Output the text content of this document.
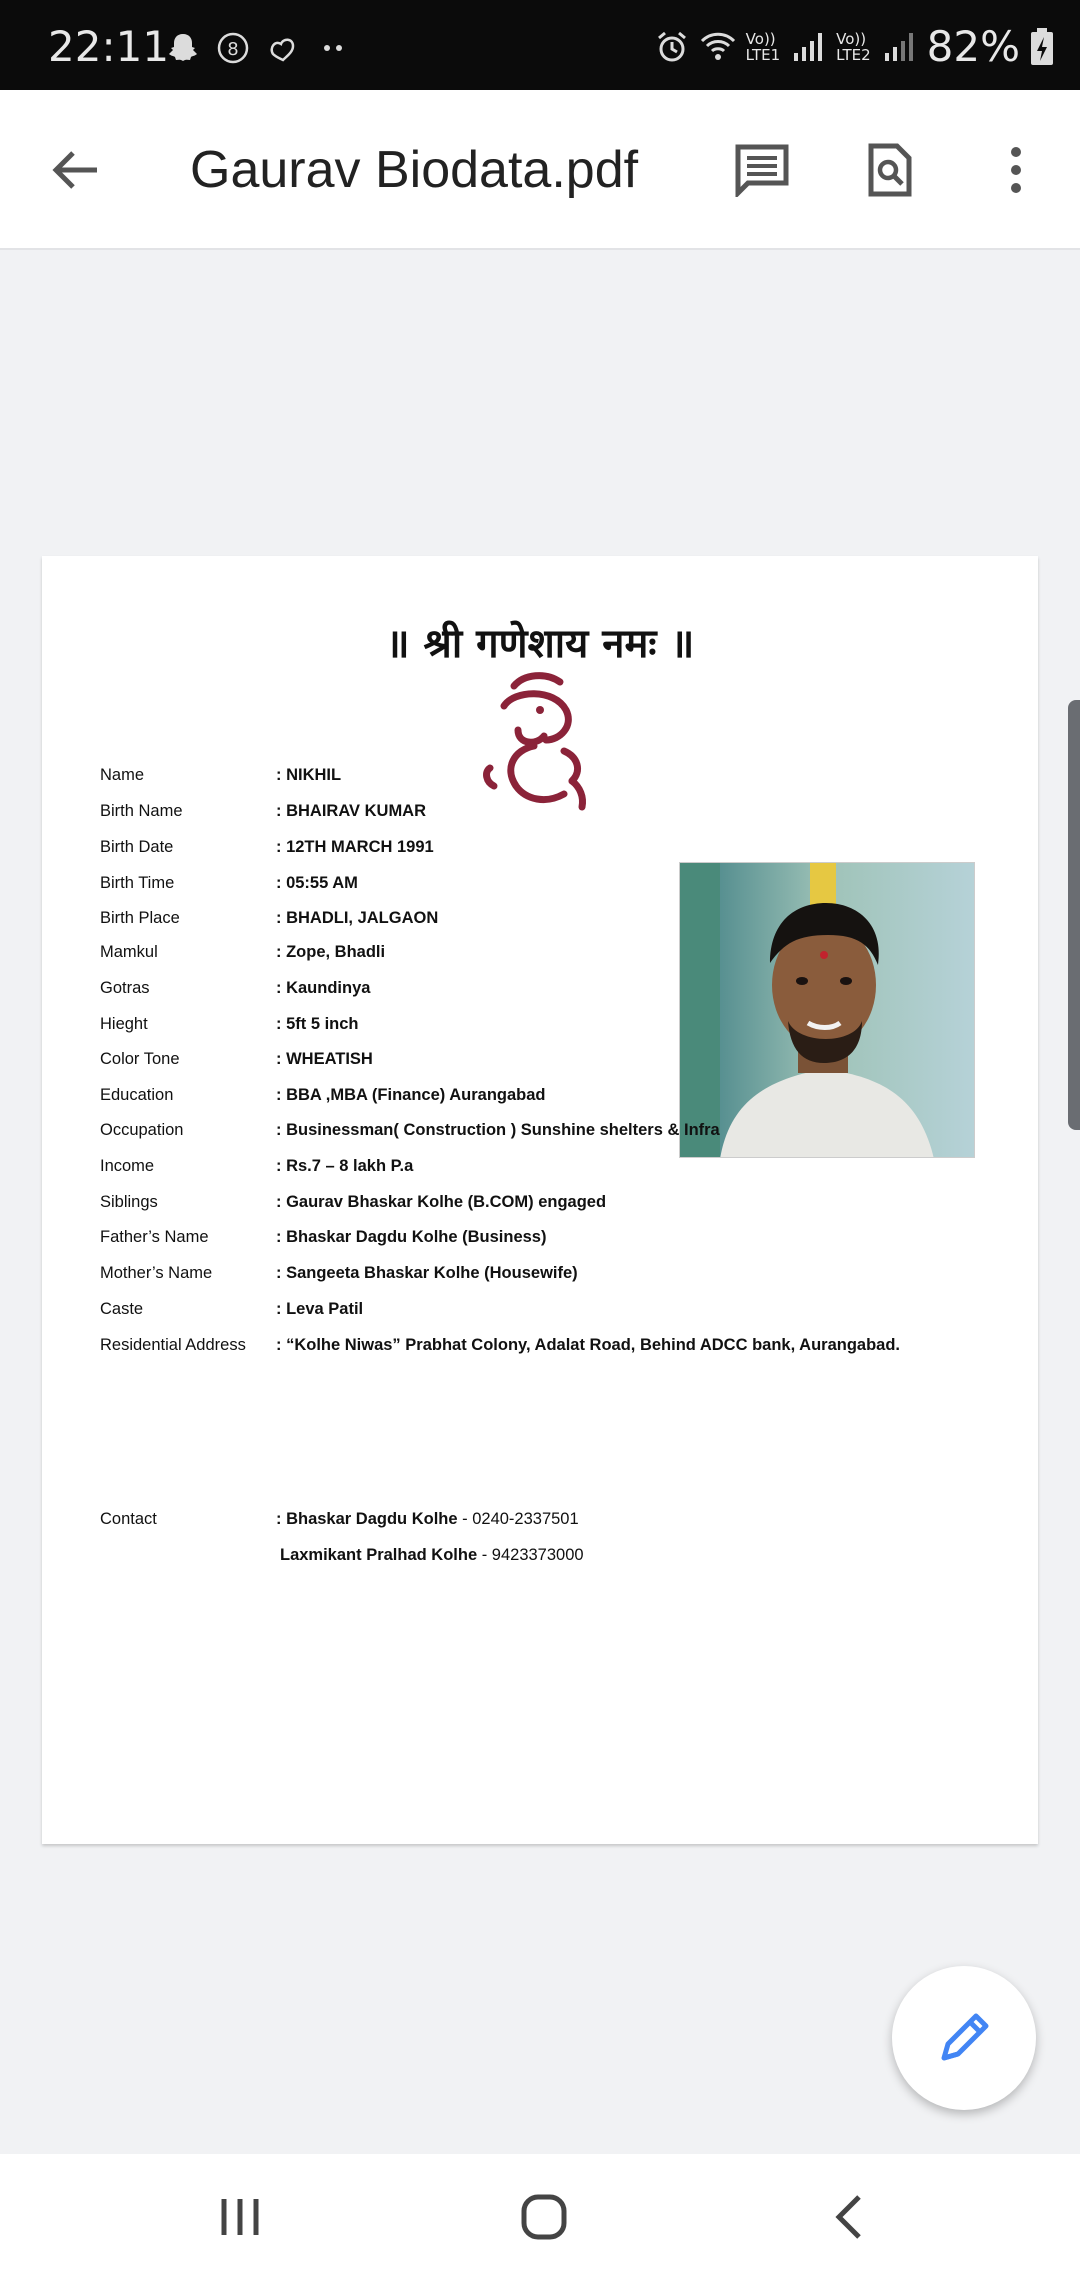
22:11	8
Vo))
LTE1
Vo))
LTE2 82%
Gaurav Biodata.pdf
॥ श्री गणेशाय नमः ॥
Name	: NIKHIL
Birth Name	: BHAIRAV KUMAR
Birth Date	: 12TH MARCH 1991
Birth Time	: 05:55 AM
Birth Place	: BHADLI, JALGAON
Mamkul	: Zope, Bhadli
Gotras	: Kaundinya
Hieght	: 5ft 5 inch
Color Tone	: WHEATISH
Education	: BBA ,MBA (Finance) Aurangabad
Occupation	: Businessman( Construction ) Sunshine shelters & Infra
Income	: Rs.7 – 8 lakh P.a
Siblings	: Gaurav Bhaskar Kolhe (B.COM) engaged
Father’s Name	: Bhaskar Dagdu Kolhe (Business)
Mother’s Name	: Sangeeta Bhaskar Kolhe (Housewife)
Caste	: Leva Patil
Residential Address : “Kolhe Niwas” Prabhat Colony, Adalat Road, Behind ADCC bank, Aurangabad.
Contact	: Bhaskar Dagdu Kolhe - 0240-2337501
Laxmikant Pralhad Kolhe - 9423373000
